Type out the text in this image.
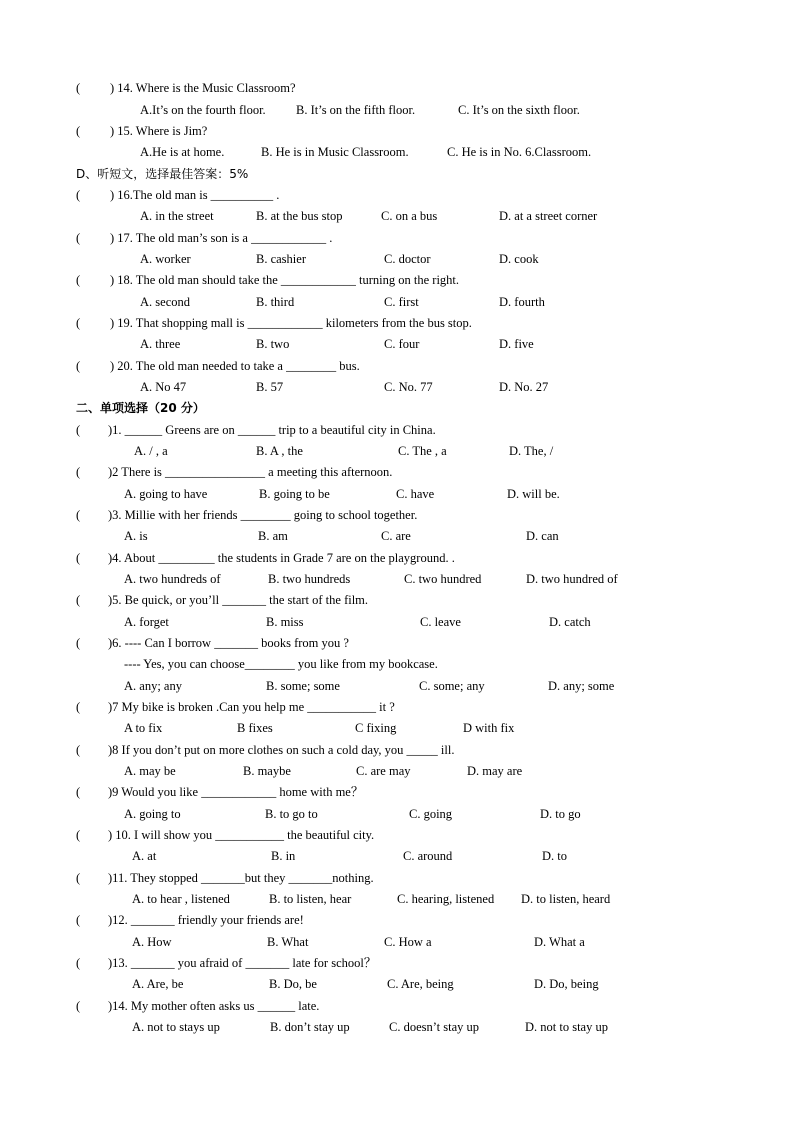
( ) 14. Where is the Music Classroom?
A.It’s on the fourth floor. B. It’s on the fifth floor.	C. It’s on the sixth floor.
( ) 15. Where is Jim?
A.He is at home.	B. He is in Music Classroom.	C. He is in No. 6.Classroom.
D、听短文，选择最佳答案：5%
( ) 16.The old man is __________ .
A. in the street	B. at the bus stop	C. on a bus	D. at a street corner
( ) 17. The old man’s son is a ____________ .
A. worker	B. cashier	C. doctor	D. cook
( ) 18. The old man should take the ____________ turning on the right.
A. second	B. third	C. first	D. fourth
( ) 19. That shopping mall is ____________ kilometers from the bus stop.
A. three	B. two	C. four	D. five
( ) 20. The old man needed to take a ________ bus.
A. No 47	B. 57	C. No. 77	D. No. 27
二、单项选择（20 分）
( )1. ______ Greens are on ______ trip to a beautiful city in China.
A. / , a	B. A , the	C. The , a	D. The, /
( )2 There is ________________ a meeting this afternoon.
A. going to have	B. going to be	C. have	D. will be.
( )3. Millie with her friends ________ going to school together.
A. is	B. am	C. are	D. can
( )4. About _________ the students in Grade 7 are on the playground. .
A. two hundreds of	B. two hundreds	C. two hundred	D. two hundred of
( )5. Be quick, or you’ll _______ the start of the film.
A. forget	B. miss	C. leave	D. catch
( )6. ---- Can I borrow _______ books from you ?
---- Yes, you can choose________ you like from my bookcase.
A. any; any	B. some; some	C. some; any	D. any; some
( )7 My bike is broken .Can you help me ___________ it ?
A to fix	B fixes	C fixing	D with fix
( )8 If you don’t put on more clothes on such a cold day, you _____ ill.
A. may be	B. maybe	C. are may	D. may are
( )9 Would you like ____________ home with me？
A. going to	B. to go to	C. going	D. to go
( ) 10. I will show you ___________ the beautiful city.
A. at	B. in	C. around	D. to
( )11. They stopped _______but they _______nothing.
A. to hear , listened	B. to listen, hear	C. hearing, listened D. to listen, heard
( )12. _______ friendly your friends are!
A. How	B. What	C. How a	D. What a
( )13. _______ you afraid of _______ late for school？
A. Are, be	B. Do, be	C. Are, being	D. Do, being
( )14. My mother often asks us ______ late.
A. not to stays up	B. don’t stay up	C. doesn’t stay up	D. not to stay up
